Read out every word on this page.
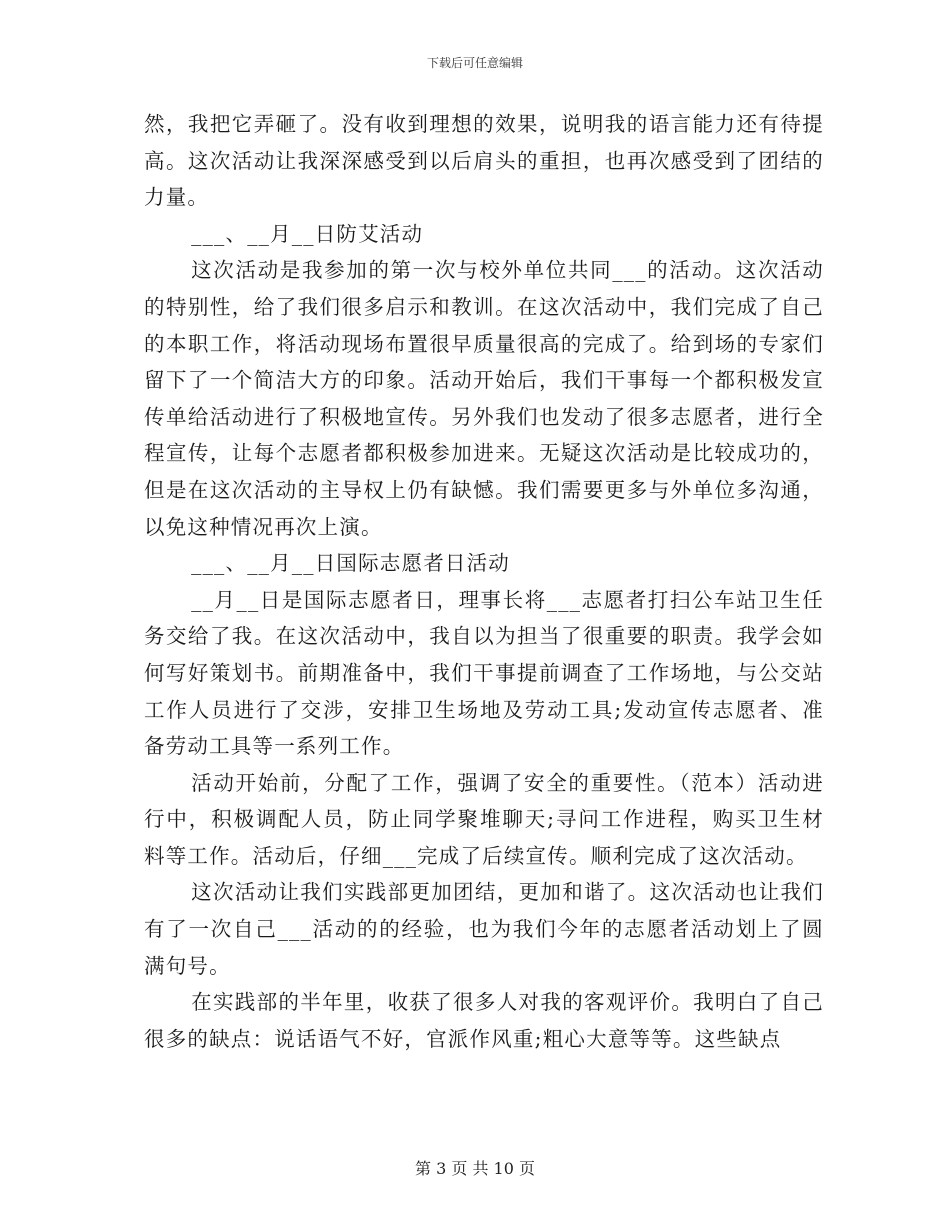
下载后可任意编辑

然，我把它弄砸了。没有收到理想的效果，说明我的语言能力还有待提高。这次活动让我深深感受到以后肩头的重担，也再次感受到了团结的力量。

___、__月__日防艾活动

这次活动是我参加的第一次与校外单位共同___的活动。这次活动的特别性，给了我们很多启示和教训。在这次活动中，我们完成了自己的本职工作，将活动现场布置很早质量很高的完成了。给到场的专家们留下了一个简洁大方的印象。活动开始后，我们干事每一个都积极发宣传单给活动进行了积极地宣传。另外我们也发动了很多志愿者，进行全程宣传，让每个志愿者都积极参加进来。无疑这次活动是比较成功的，但是在这次活动的主导权上仍有缺憾。我们需要更多与外单位多沟通，以免这种情况再次上演。

___、__月__日国际志愿者日活动

__月__日是国际志愿者日，理事长将___志愿者打扫公车站卫生任务交给了我。在这次活动中，我自以为担当了很重要的职责。我学会如何写好策划书。前期准备中，我们干事提前调查了工作场地，与公交站工作人员进行了交涉，安排卫生场地及劳动工具;发动宣传志愿者、准备劳动工具等一系列工作。

活动开始前，分配了工作，强调了安全的重要性。（范本）活动进行中，积极调配人员，防止同学聚堆聊天;寻问工作进程，购买卫生材料等工作。活动后，仔细___完成了后续宣传。顺利完成了这次活动。

这次活动让我们实践部更加团结，更加和谐了。这次活动也让我们有了一次自己___活动的的经验，也为我们今年的志愿者活动划上了圆满句号。

在实践部的半年里，收获了很多人对我的客观评价。我明白了自己很多的缺点：说话语气不好，官派作风重;粗心大意等等。这些缺点

第 3 页 共 10 页
